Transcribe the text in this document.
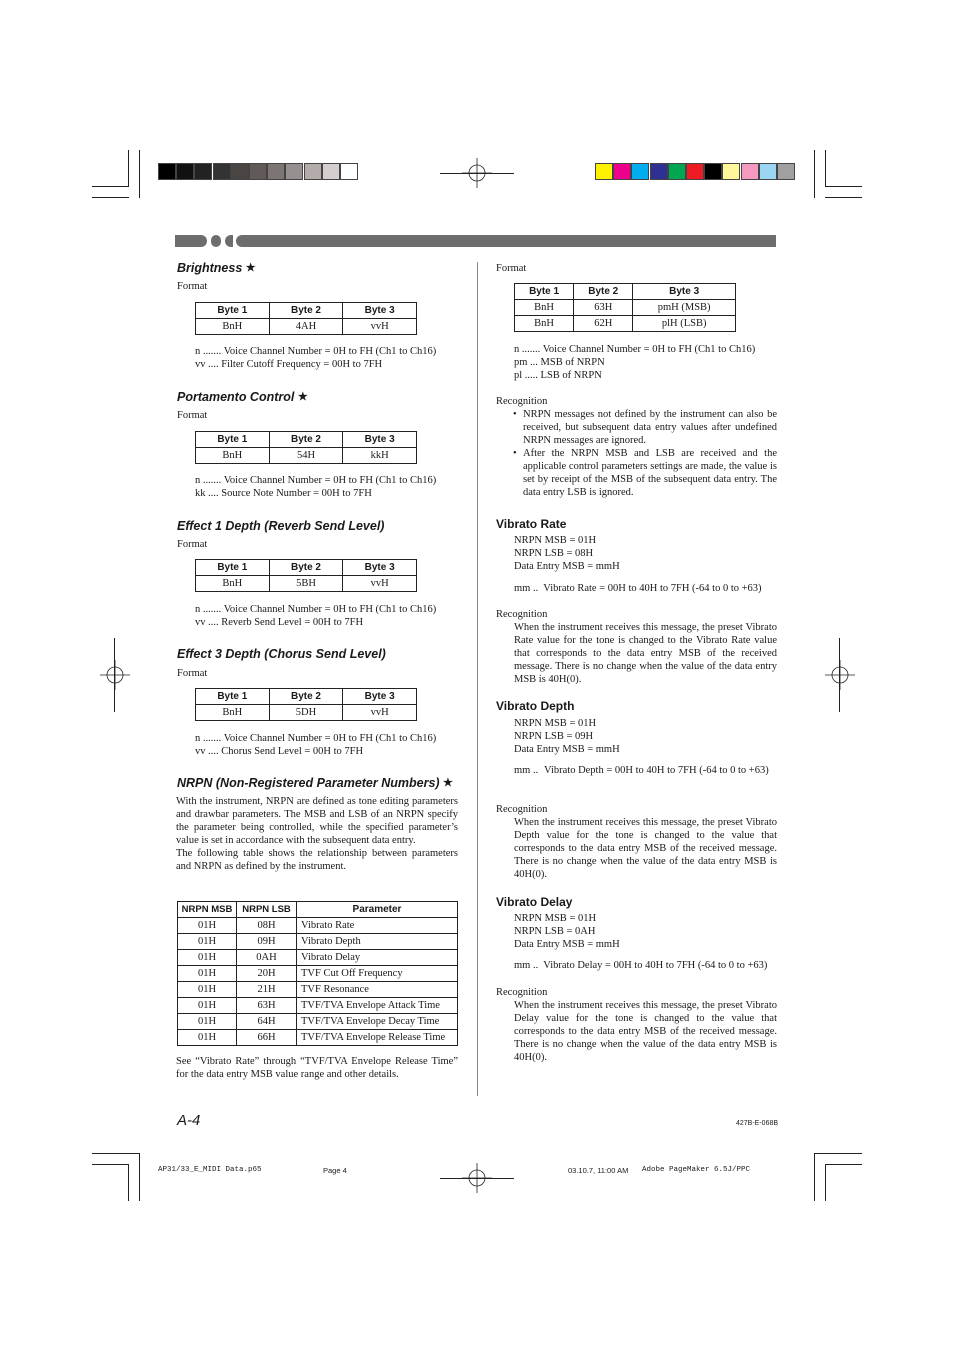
Brightness ★
Format
Byte 1	Byte 2	Byte 3
BnH	4AH	vvH
n ....... Voice Channel Number = 0H to FH (Ch1 to Ch16)
vv .... Filter Cutoff Frequency = 00H to 7FH
Portamento Control ★
Format
Byte 1	Byte 2	Byte 3
BnH	54H	kkH
n ....... Voice Channel Number = 0H to FH (Ch1 to Ch16)
kk .... Source Note Number = 00H to 7FH
Effect 1 Depth (Reverb Send Level)
Format
Byte 1	Byte 2	Byte 3
BnH	5BH	vvH
n ....... Voice Channel Number = 0H to FH (Ch1 to Ch16)
vv .... Reverb Send Level = 00H to 7FH
Effect 3 Depth (Chorus Send Level)
Format
Byte 1	Byte 2	Byte 3
BnH	5DH	vvH
n ....... Voice Channel Number = 0H to FH (Ch1 to Ch16)
vv .... Chorus Send Level = 00H to 7FH
NRPN (Non-Registered Parameter Numbers) ★
With the instrument, NRPN are defined as tone editing parameters and drawbar parameters. The MSB and LSB of an NRPN specify the parameter being controlled, while the specified parameter’s value is set in accordance with the subsequent data entry.
The following table shows the relationship between parameters and NRPN as defined by the instrument.
NRPN MSB	NRPN LSB	Parameter
01H	08H	Vibrato Rate
01H	09H	Vibrato Depth
01H	0AH	Vibrato Delay
01H	20H	TVF Cut Off Frequency
01H	21H	TVF Resonance
01H	63H	TVF/TVA Envelope Attack Time
01H	64H	TVF/TVA Envelope Decay Time
01H	66H	TVF/TVA Envelope Release Time
See “Vibrato Rate” through “TVF/TVA Envelope Release Time” for the data entry MSB value range and other details.
A-4
Format
Byte 1	Byte 2	Byte 3
BnH	63H	pmH (MSB)
BnH	62H	plH (LSB)
n ....... Voice Channel Number = 0H to FH (Ch1 to Ch16)
pm ... MSB of NRPN
pl ..... LSB of NRPN
Recognition
• NRPN messages not defined by the instrument can also be received, but subsequent data entry values after undefined NRPN messages are ignored.
• After the NRPN MSB and LSB are received and the applicable control parameters settings are made, the value is set by receipt of the MSB of the subsequent data entry. The data entry LSB is ignored.
Vibrato Rate
NRPN MSB = 01H
NRPN LSB = 08H
Data Entry MSB = mmH
mm .. Vibrato Rate = 00H to 40H to 7FH (-64 to 0 to +63)
Recognition
When the instrument receives this message, the preset Vibrato Rate value for the tone is changed to the Vibrato Rate value that corresponds to the data entry MSB of the received message. There is no change when the value of the data entry MSB is 40H(0).
Vibrato Depth
NRPN MSB = 01H
NRPN LSB = 09H
Data Entry MSB = mmH
mm .. Vibrato Depth = 00H to 40H to 7FH (-64 to 0 to +63)
Recognition
When the instrument receives this message, the preset Vibrato Depth value for the tone is changed to the value that corresponds to the data entry MSB of the received message. There is no change when the value of the data entry MSB is 40H(0).
Vibrato Delay
NRPN MSB = 01H
NRPN LSB = 0AH
Data Entry MSB = mmH
mm .. Vibrato Delay = 00H to 40H to 7FH (-64 to 0 to +63)
Recognition
When the instrument receives this message, the preset Vibrato Delay value for the tone is changed to the value that corresponds to the data entry MSB of the received message. There is no change when the value of the data entry MSB is 40H(0).
427B-E-068B
AP31/33_E_MIDI Data.p65	Page 4	03.10.7, 11:00 AM Adobe PageMaker 6.5J/PPC
